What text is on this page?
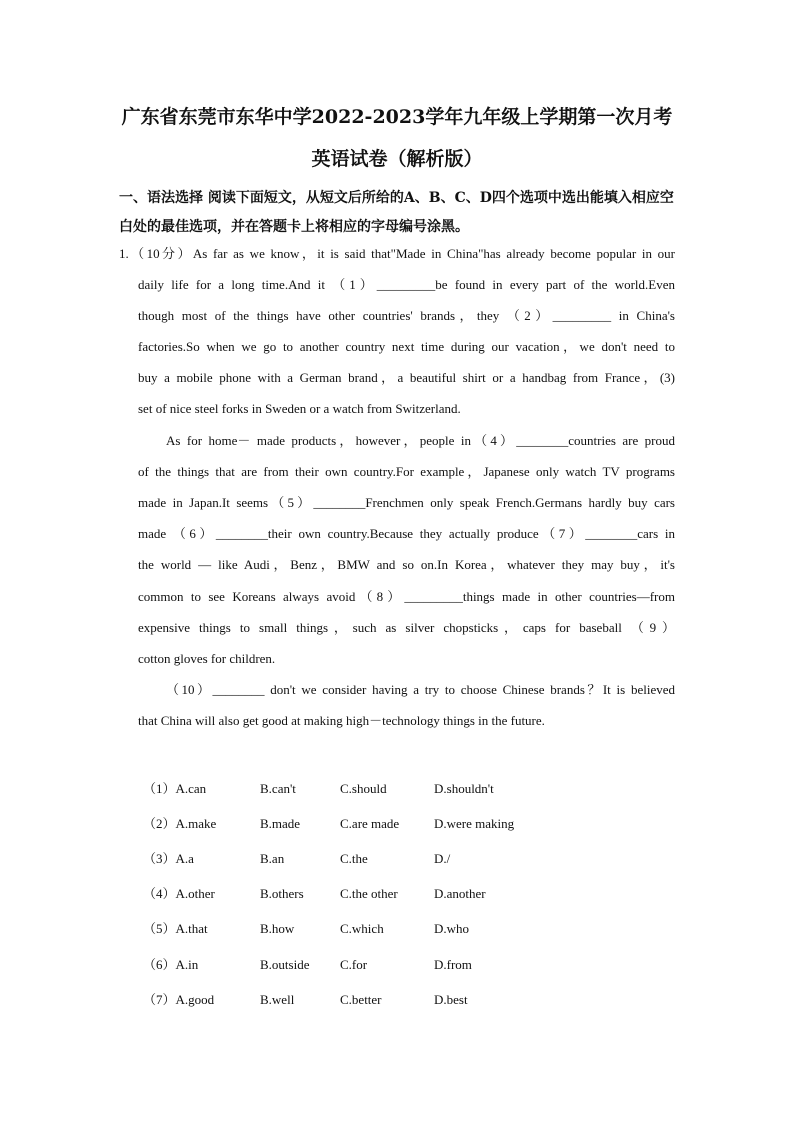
广东省东莞市东华中学2022-2023学年九年级上学期第一次月考
英语试卷（解析版）
一、语法选择 阅读下面短文，从短文后所给的A、B、C、D四个选项中选出能填入相应空白处的最佳选项，并在答题卡上将相应的字母编号涂黑。
1.（10分）As far as we know，it is said that"Made in China"has already become popular in our
daily life for a long time.And it （1）_________be found in every part of the world.Even
though most of the things have other countries' brands，they （2）_________ in China's
factories.So when we go to another country next time during our vacation，we don't need to
buy a mobile phone with a German brand，a beautiful shirt or a handbag from France，(3)
set of nice steel forks in Sweden or a watch from Switzerland.
As for home－ made products，however，people in（4）________countries are proud
of the things that are from their own country.For example，Japanese only watch TV programs
made in Japan.It seems（5）________Frenchmen only speak French.Germans hardly buy cars
made （6）________their own country.Because they actually produce（7）________cars in
the world — like Audi，Benz，BMW and so on.In Korea，whatever they may buy，it's
common to see Koreans always avoid（8）_________things made in other countries—from
expensive things to small things，such as silver chopsticks，caps for baseball （9）
cotton gloves for children.
（10）________ don't we consider having a try to choose Chinese brands？It is believed
that China will also get good at making high－technology things in the future.
（1）A.can	B.can't	C.should	D.shouldn't
（2）A.make	B.made	C.are made	D.were making
（3）A.a	B.an	C.the	D./
（4）A.other	B.others	C.the other	D.another
（5）A.that	B.how	C.which	D.who
（6）A.in	B.outside C.for	D.from
（7）A.good	B.well	C.better	D.best
